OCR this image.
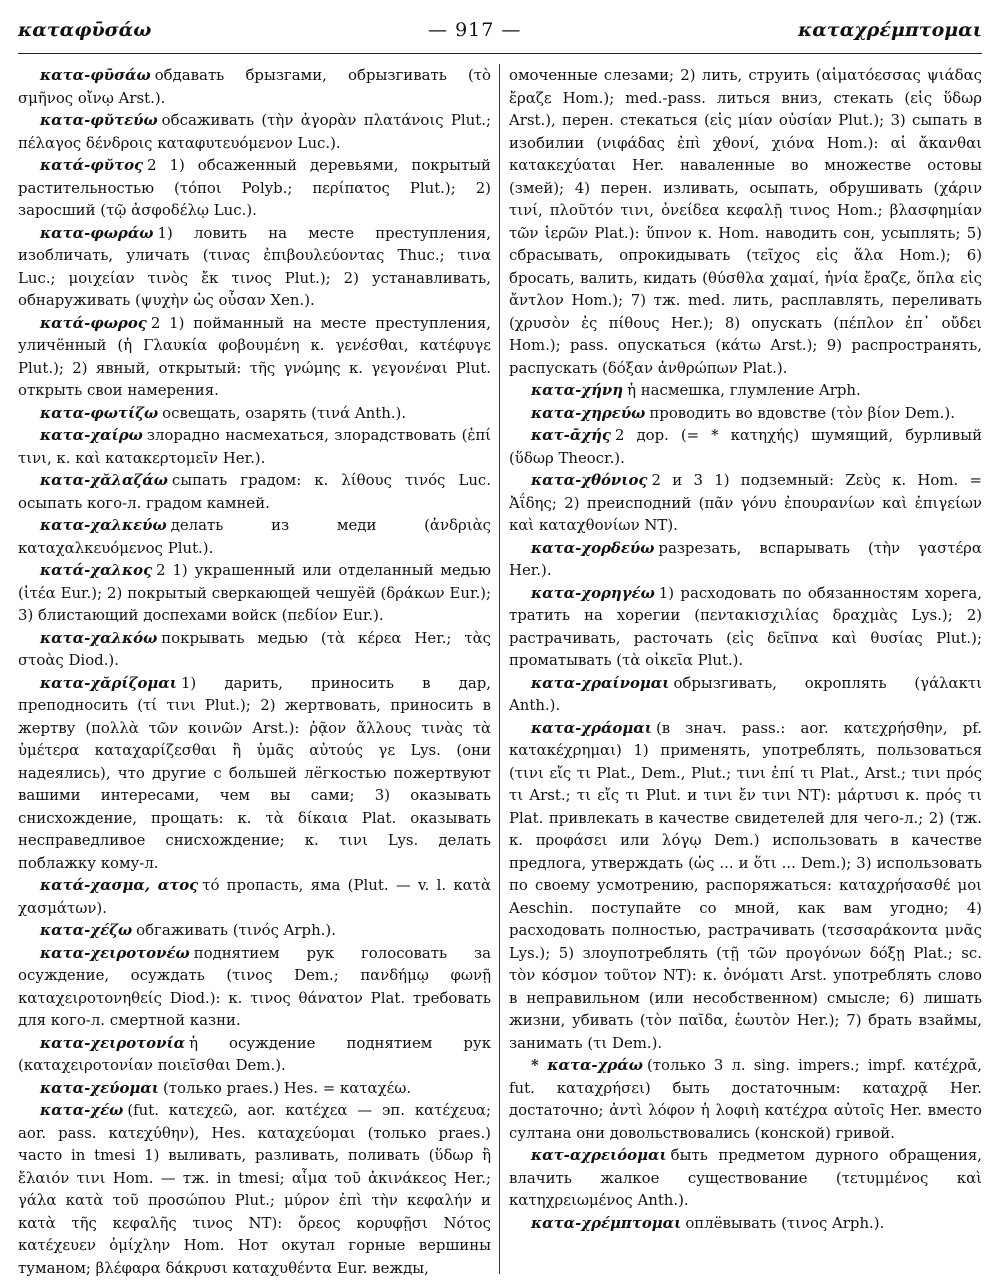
καταφῡσάω	— 917 —	καταχρέμπτομαι

κατα-φῡσάω обдавать брызгами, обрызгивать (τὸ σμῆνος οἴνῳ Arst.).

κατα-φῠτεύω обсаживать (τὴν ἀγορὰν πλατάνοις Plut.; πέλαγος δένδροις καταφυτευόμενον Luc.).

κατά-φῠτος 2 1) обсаженный деревьями, покрытый растительностью (τόποι Polyb.; περίπατος Plut.); 2) заросший (τῷ ἀσφοδέλῳ Luc.).

κατα-φωράω 1) ловить на месте преступления, изобличать, уличать (τινας ἐπιβουλεύοντας Thuc.; τινα Luc.; μοιχείαν τινὸς ἔκ τινος Plut.); 2) устанавливать, обнаруживать (ψυχὴν ὡς οὖσαν Xen.).

κατά-φωρος 2 1) пойманный на месте преступления, уличённый (ἡ Γλαυκία φοβουμένη κ. γενέσθαι, κατέφυγε Plut.); 2) явный, открытый: τῆς γνώμης κ. γεγονέναι Plut. открыть свои намерения.

κατα-φωτίζω освещать, озарять (τινά Anth.).

κατα-χαίρω злорадно насмехаться, злорадствовать (ἐπί τινι, κ. καὶ κατακερτομεῖν Her.).

κατα-χᾰλαζάω сыпать градом: κ. λίθους τινός Luc. осыпать кого-л. градом камней.

κατα-χαλκεύω делать из меди (ἀνδριὰς καταχαλκευόμενος Plut.).

κατά-χαλκος 2 1) украшенный или отделанный медью (ἰτέα Eur.); 2) покрытый сверкающей чешуёй (δράκων Eur.); 3) блистающий доспехами войск (πεδίον Eur.).

κατα-χαλκόω покрывать медью (τὰ κέρεα Her.; τὰς στοὰς Diod.).

κατα-χᾰρίζομαι 1) дарить, приносить в дар, преподносить (τί τινι Plut.); 2) жертвовать, приносить в жертву (πολλὰ τῶν κοινῶν Arst.): ῥᾷον ἄλλους τινὰς τὰ ὑμέτερα καταχαρίζεσθαι ἢ ὑμᾶς αὐτούς γε Lys. (они надеялись), что другие с большей лёгкостью пожертвуют вашими интересами, чем вы сами; 3) оказывать снисхождение, прощать: κ. τὰ δίκαια Plat. оказывать несправедливое снисхождение; κ. τινι Lys. делать поблажку кому-л.

κατά-χασμα, ατος τό пропасть, яма (Plut. — v. l. κατὰ χασμάτων).

κατα-χέζω обгаживать (τινός Arph.).

κατα-χειροτονέω поднятием рук голосовать за осуждение, осуждать (τινος Dem.; πανδήμῳ φωνῇ καταχειροτονηθείς Diod.): κ. τινος θάνατον Plat. требовать для кого-л. смертной казни.

κατα-χειροτονία ἡ осуждение поднятием рук (καταχειροτονίαν ποιεῖσθαι Dem.).

κατα-χεύομαι (только praes.) Hes. = καταχέω.

κατα-χέω (fut. κατεχεῶ, aor. κατέχεα — эп. κατέχευα; aor. pass. κατεχύθην), Hes. καταχεύομαι (только praes.) часто in tmesi 1) выливать, разливать, поливать (ὕδωρ ἢ ἔλαιόν τινι Hom. — тж. in tmesi; αἷμα τοῦ ἀκινάκεος Her.; γάλα κατὰ τοῦ προσώπου Plut.; μύρον ἐπὶ τὴν κεφαλήν и κατὰ τῆς κεφαλῆς τινος NT): ὄρεος κορυφῇσι Νότος κατέχευεν ὀμίχλην Hom. Нот окутал горные вершины туманом; βλέφαρα δάκρυσι καταχυθέντα Eur. вежды,

омоченные слезами; 2) лить, струить (αἱματόεσσας ψιάδας ἔραζε Hom.); med.-pass. литься вниз, стекать (εἰς ὕδωρ Arst.), перен. стекаться (εἰς μίαν οὐσίαν Plut.); 3) сыпать в изобилии (νιφάδας ἐπὶ χθονί, χιόνα Hom.): αἱ ἄκανθαι κατακεχύαται Her. наваленные во множестве остовы (змей); 4) перен. изливать, осыпать, обрушивать (χάριν τινί, πλοῦτόν τινι, ὀνείδεα κεφαλῇ τινος Hom.; βλασφημίαν τῶν ἱερῶν Plat.): ὕπνον κ. Hom. наводить сон, усыплять; 5) сбрасывать, опрокидывать (τεῖχος εἰς ἅλα Hom.); 6) бросать, валить, кидать (θύσθλα χαμαί, ἡνία ἔραζε, ὅπλα εἰς ἄντλον Hom.); 7) тж. med. лить, расплавлять, переливать (χρυσὸν ἐς πίθους Her.); 8) опускать (πέπλον ἐπ᾽ οὔδει Hom.); pass. опускаться (κάτω Arst.); 9) распространять, распускать (δόξαν ἀνθρώπων Plat.).

κατα-χήνη ἡ насмешка, глумление Arph.

κατα-χηρεύω проводить во вдовстве (τὸν βίον Dem.).

κατ-ᾱχής 2 дор. (= * κατηχής) шумящий, бурливый (ὕδωρ Theocr.).

κατα-χθόνιος 2 и 3 1) подземный: Ζεὺς κ. Hom. = Ἀΐδης; 2) преисподний (πᾶν γόνυ ἐπουρανίων καὶ ἐπιγείων καὶ καταχθονίων NT).

κατα-χορδεύω разрезать, вспарывать (τὴν γαστέρα Her.).

κατα-χορηγέω 1) расходовать по обязанностям хорега, тратить на хорегии (πεντακισχιλίας δραχμὰς Lys.); 2) растрачивать, расточать (εἰς δεῖπνα καὶ θυσίας Plut.); проматывать (τὰ οἰκεῖα Plut.).

κατα-χραίνομαι обрызгивать, окроплять (γάλακτι Anth.).

κατα-χράομαι (в знач. pass.: aor. κατεχρήσθην, pf. κατακέχρημαι) 1) применять, употреблять, пользоваться (τινι εἴς τι Plat., Dem., Plut.; τινι ἐπί τι Plat., Arst.; τινι πρός τι Arst.; τι εἴς τι Plut. и τινι ἔν τινι NT): μάρτυσι κ. πρός τι Plat. привлекать в качестве свидетелей для чего-л.; 2) (тж. κ. προφάσει или λόγῳ Dem.) использовать в качестве предлога, утверждать (ὡς ... и ὅτι ... Dem.); 3) использовать по своему усмотрению, распоряжаться: καταχρήσασθέ μοι Aeschin. поступайте со мной, как вам угодно; 4) расходовать полностью, растрачивать (τεσσαράκοντα μνᾶς Lys.); 5) злоупотреблять (τῇ τῶν προγόνων δόξῃ Plat.; sc. τὸν κόσμον τοῦτον NT): κ. ὀνόματι Arst. употреблять слово в неправильном (или несобственном) смысле; 6) лишать жизни, убивать (τὸν παῖδα, ἑωυτὸν Her.); 7) брать взаймы, занимать (τι Dem.).

* κατα-χράω (только 3 л. sing. impers.; impf. κατέχρᾱ, fut. καταχρήσει) быть достаточным: καταχρᾷ Her. достаточно; ἀντὶ λόφον ἡ λοφιὴ κατέχρα αὐτοῖς Her. вместо султана они довольствовались (конской) гривой.

κατ-αχρειόομαι быть предметом дурного обращения, влачить жалкое существование (τετυμμένος καὶ κατηχρειωμένος Anth.).

κατα-χρέμπτομαι оплёвывать (τινος Arph.).
